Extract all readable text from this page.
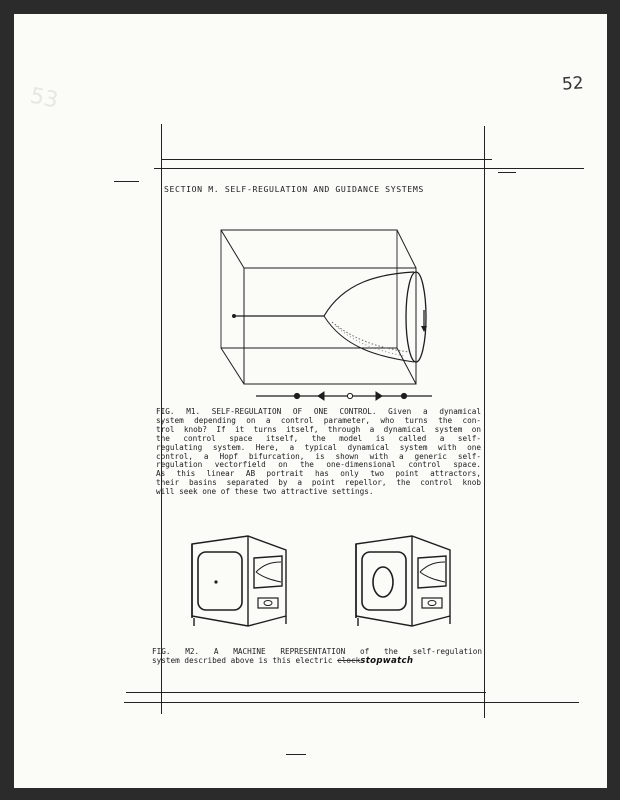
53	52
SECTION M. SELF-REGULATION AND GUIDANCE SYSTEMS
FIG. M1. SELF-REGULATION OF ONE CONTROL. Given a dynamical
system depending on a control parameter, who turns the con-
trol knob? If it turns itself, through a dynamical system on
the control space itself, the model is called a self-
regulating system. Here, a typical dynamical system with one
control, a Hopf bifurcation, is shown with a generic self-
regulation vectorfield on the one-dimensional control space.
As this linear AB portrait has only two point attractors,
their basins separated by a point repellor, the control knob
will seek one of these two attractive settings.
FIG. M2. A MACHINE REPRESENTATION of the self-regulation
system described above is this electric clockstopwatch
